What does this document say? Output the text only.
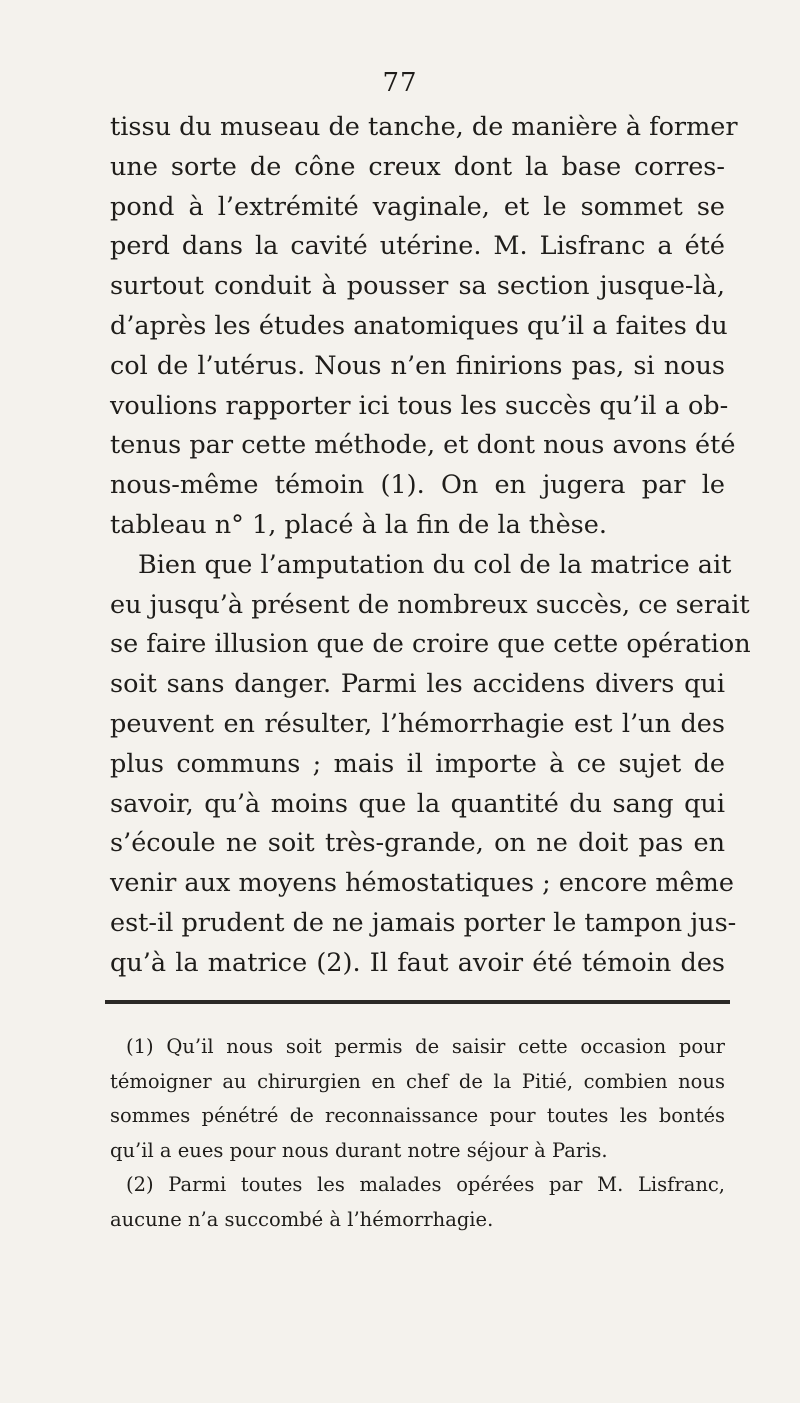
77
tissu du museau de tanche, de manière à former
une sorte de cône creux dont la base corres-
pond à l’extrémité vaginale, et le sommet se
perd dans la cavité utérine. M. Lisfranc a été
surtout conduit à pousser sa section jusque-là,
d’après les études anatomiques qu’il a faites du
col de l’utérus. Nous n’en finirions pas, si nous
voulions rapporter ici tous les succès qu’il a ob-
tenus par cette méthode, et dont nous avons été
nous-même témoin (1). On en jugera par le
tableau n° 1, placé à la fin de la thèse.
Bien que l’amputation du col de la matrice ait
eu jusqu’à présent de nombreux succès, ce serait
se faire illusion que de croire que cette opération
soit sans danger. Parmi les accidens divers qui
peuvent en résulter, l’hémorrhagie est l’un des
plus communs ; mais il importe à ce sujet de
savoir, qu’à moins que la quantité du sang qui
s’écoule ne soit très-grande, on ne doit pas en
venir aux moyens hémostatiques ; encore même
est-il prudent de ne jamais porter le tampon jus-
qu’à la matrice (2). Il faut avoir été témoin des
(1) Qu’il nous soit permis de saisir cette occasion pour
témoigner au chirurgien en chef de la Pitié, combien nous
sommes pénétré de reconnaissance pour toutes les bontés
qu’il a eues pour nous durant notre séjour à Paris.
(2) Parmi toutes les malades opérées par M. Lisfranc,
aucune n’a succombé à l’hémorrhagie.
